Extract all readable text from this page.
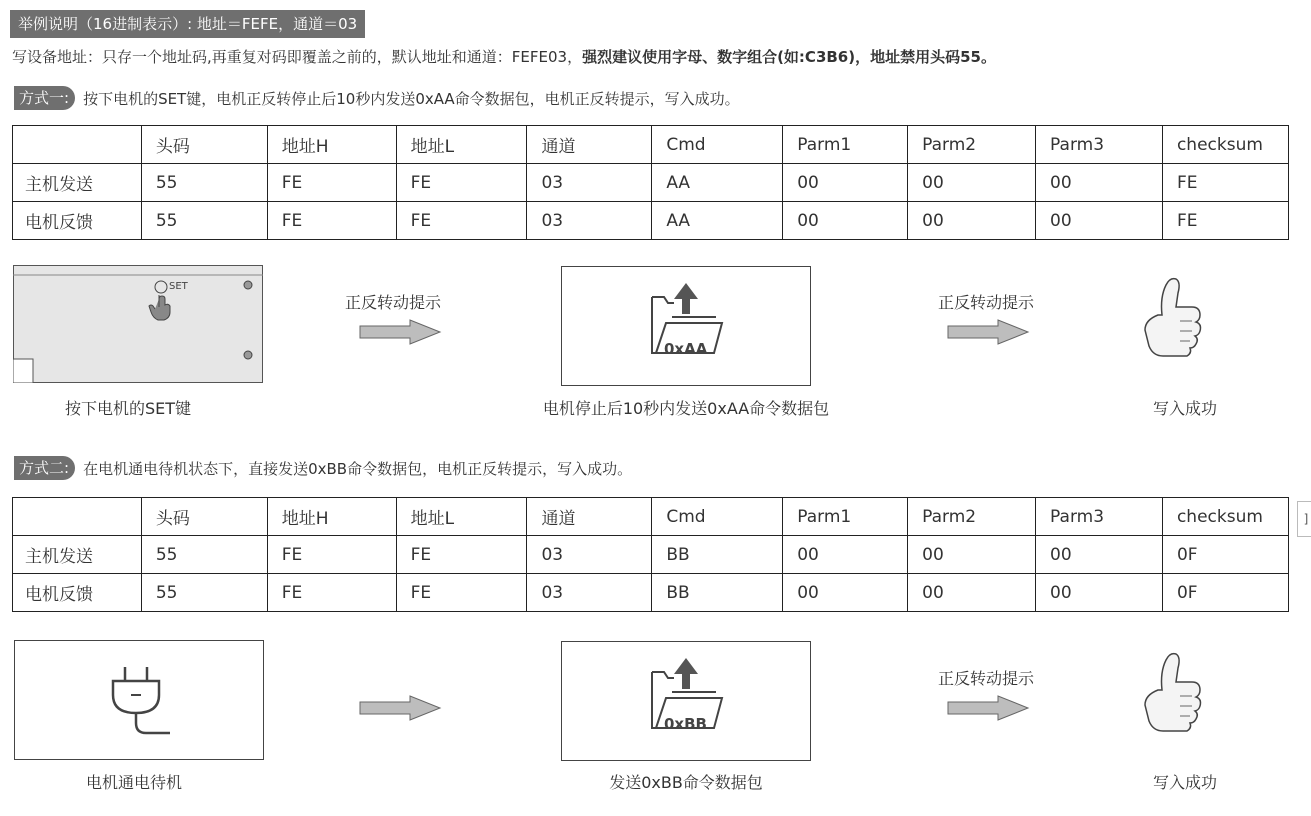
举例说明（16进制表示）: 地址＝FEFE，通道＝03
写设备地址：只存一个地址码,再重复对码即覆盖之前的，默认地址和通道：FEFE03，强烈建议使用字母、数字组合(如:C3B6)，地址禁用头码55。
方式一: 按下电机的SET键，电机正反转停止后10秒内发送0xAA命令数据包，电机正反转提示，写入成功。
	头码	地址H	地址L	通道	Cmd	Parm1	Parm2	Parm3	checksum
主机发送	55	FE	FE	03	AA	00	00	00	FE
电机反馈	55	FE	FE	03	AA	00	00	00	FE
SET
按下电机的SET键
正反转动提示
0xAA
电机停止后10秒内发送0xAA命令数据包
正反转动提示
写入成功
方式二: 在电机通电待机状态下，直接发送0xBB命令数据包，电机正反转提示，写入成功。
	头码	地址H	地址L	通道	Cmd	Parm1	Parm2	Parm3	checksum
主机发送	55	FE	FE	03	BB	00	00	00	0F
电机反馈	55	FE	FE	03	BB	00	00	00	0F
电机通电待机
0xBB
发送0xBB命令数据包
正反转动提示
写入成功
]
